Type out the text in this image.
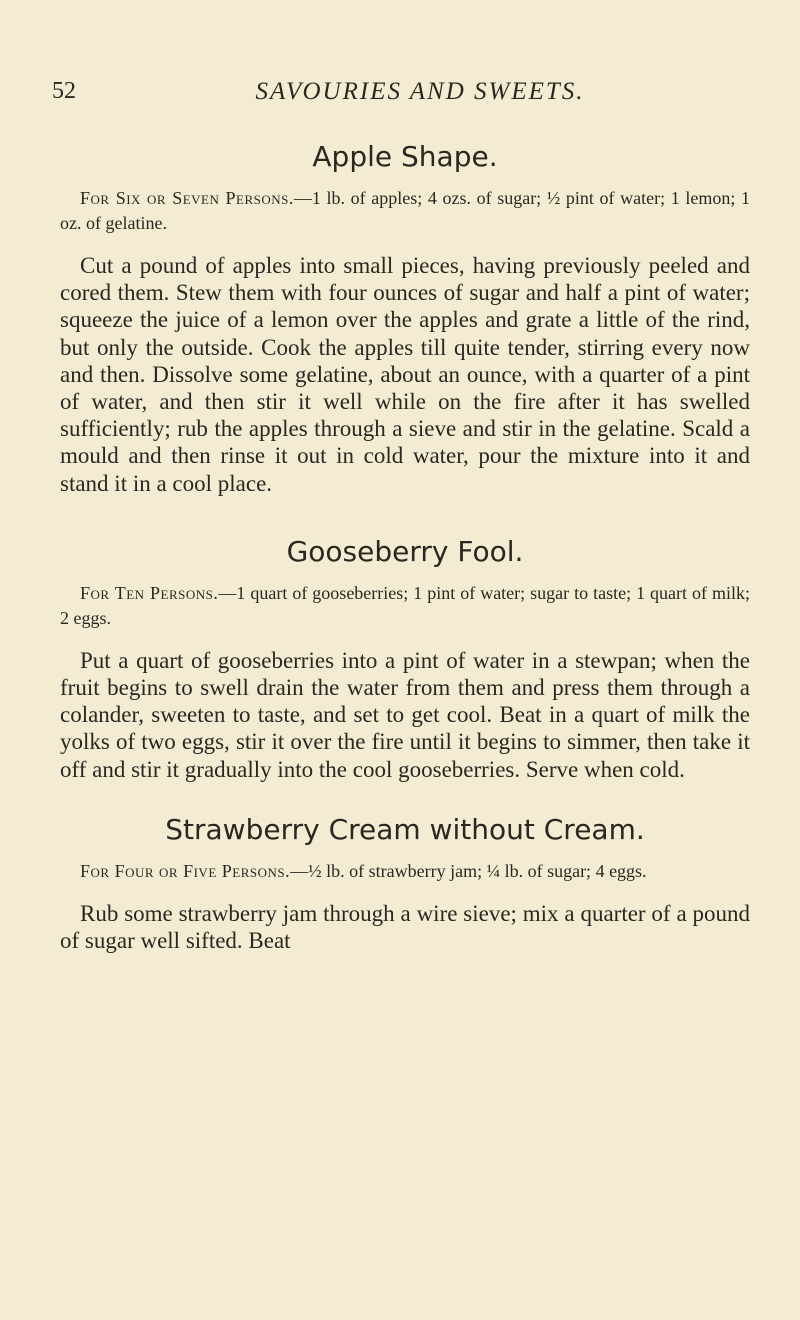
52	SAVOURIES AND SWEETS.
Apple Shape.

For Six or Seven Persons.—1 lb. of apples; 4 ozs. of sugar; ½ pint of water; 1 lemon; 1 oz. of gelatine.

Cut a pound of apples into small pieces, having previously peeled and cored them. Stew them with four ounces of sugar and half a pint of water; squeeze the juice of a lemon over the apples and grate a little of the rind, but only the outside. Cook the apples till quite tender, stirring every now and then. Dissolve some gelatine, about an ounce, with a quarter of a pint of water, and then stir it well while on the fire after it has swelled sufficiently; rub the apples through a sieve and stir in the gelatine. Scald a mould and then rinse it out in cold water, pour the mixture into it and stand it in a cool place.

Gooseberry Fool.

For Ten Persons.—1 quart of gooseberries; 1 pint of water; sugar to taste; 1 quart of milk; 2 eggs.

Put a quart of gooseberries into a pint of water in a stewpan; when the fruit begins to swell drain the water from them and press them through a colander, sweeten to taste, and set to get cool. Beat in a quart of milk the yolks of two eggs, stir it over the fire until it begins to simmer, then take it off and stir it gradually into the cool gooseberries. Serve when cold.

Strawberry Cream without Cream.

For Four or Five Persons.—½ lb. of strawberry jam; ¼ lb. of sugar; 4 eggs.

Rub some strawberry jam through a wire sieve; mix a quarter of a pound of sugar well sifted. Beat
